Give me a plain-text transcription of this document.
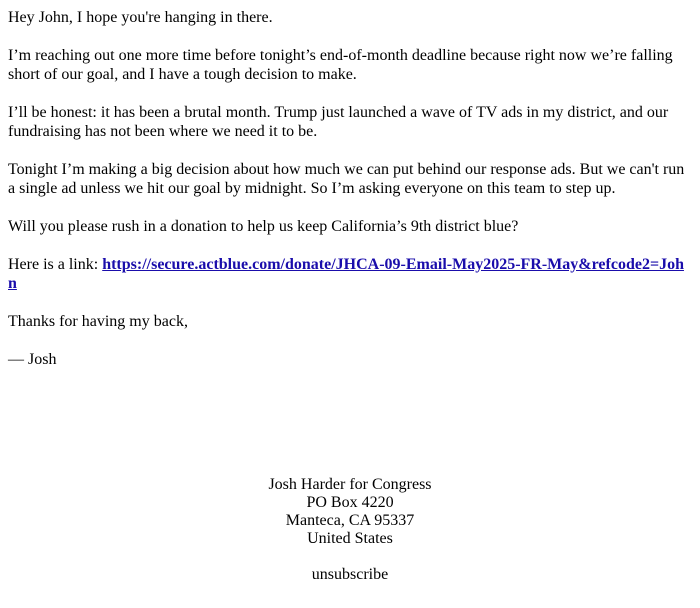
Hey John, I hope you're hanging in there.

I’m reaching out one more time before tonight’s end-of-month deadline because right now we’re falling short of our goal, and I have a tough decision to make.

I’ll be honest: it has been a brutal month. Trump just launched a wave of TV ads in my district, and our fundraising has not been where we need it to be.

Tonight I’m making a big decision about how much we can put behind our response ads. But we can't run a single ad unless we hit our goal by midnight. So I’m asking everyone on this team to step up.

Will you please rush in a donation to help us keep California’s 9th district blue?

Here is a link: https://secure.actblue.com/donate/JHCA-09-Email-May2025-FR-May&refcode2=John

Thanks for having my back,

— Josh

Josh Harder for Congress
PO Box 4220
Manteca, CA 95337
United States
unsubscribe
